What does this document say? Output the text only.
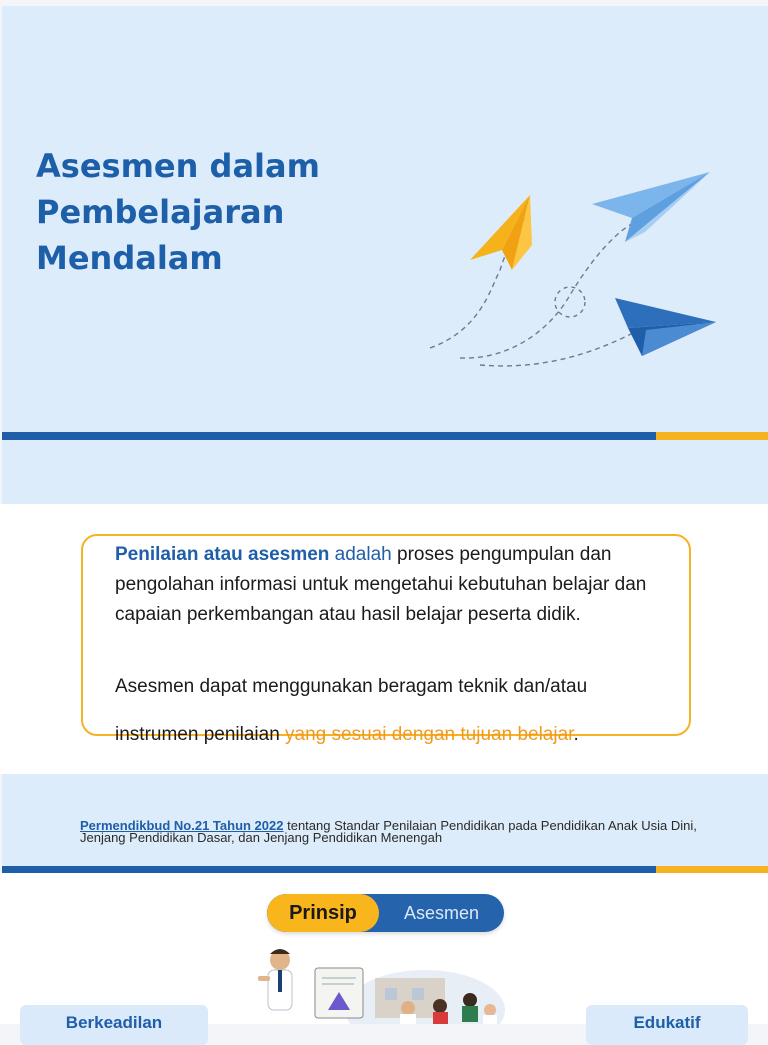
Asesmen dalam
Pembelajaran
Mendalam
Penilaian atau asesmen adalah proses pengumpulan dan pengolahan informasi untuk mengetahui kebutuhan belajar dan capaian perkembangan atau hasil belajar peserta didik.
Asesmen dapat menggunakan beragam teknik dan/atau
instrumen penilaian yang sesuai dengan tujuan belajar.
Permendikbud No.21 Tahun 2022 tentang Standar Penilaian Pendidikan pada Pendidikan Anak Usia Dini, Jenjang Pendidikan Dasar, dan Jenjang Pendidikan Menengah
Prinsip	Asesmen
Berkeadilan	Edukatif
